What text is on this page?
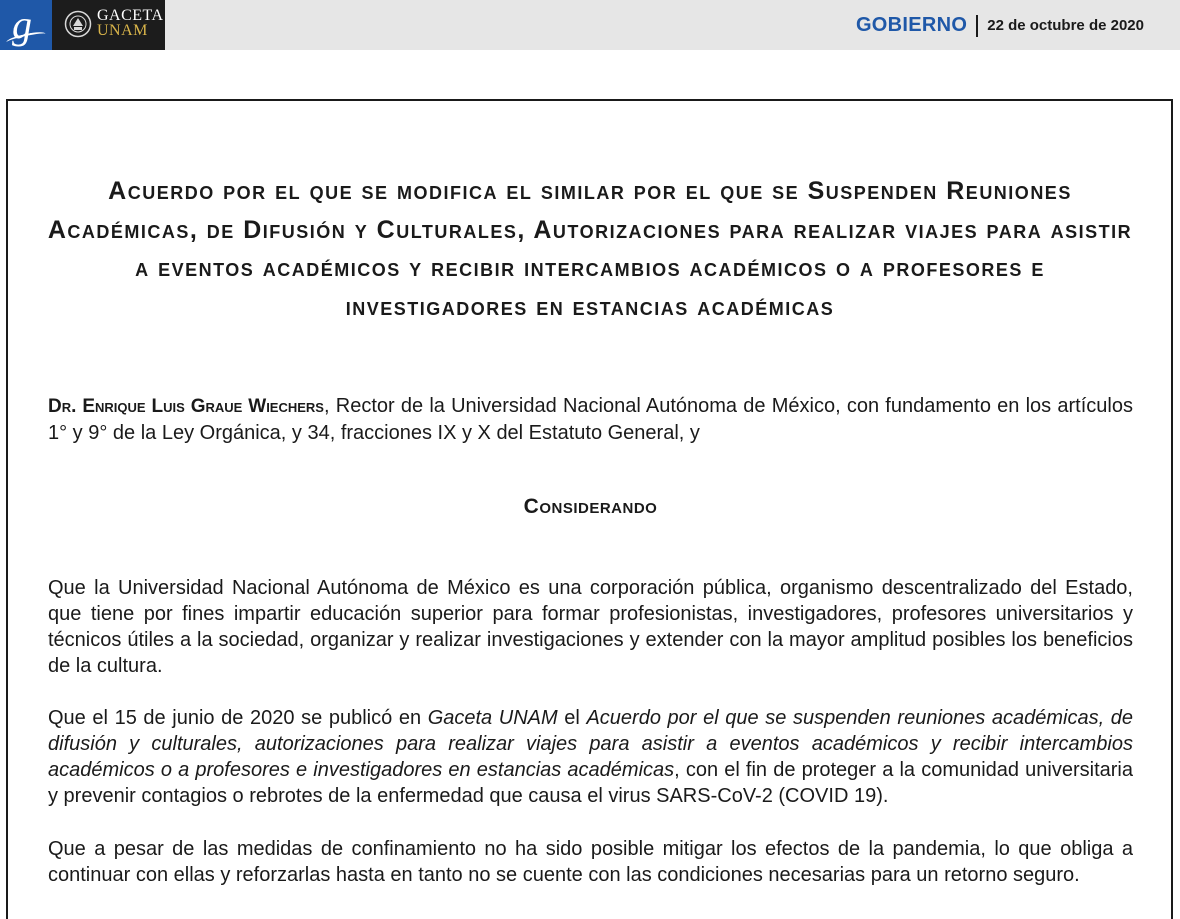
g	GACETA
UNAM	GOBIERNO 22 de octubre de 2020
Acuerdo por el que se modifica el similar por el que se Suspenden Reuniones Académicas, de Difusión y Culturales, Autorizaciones para realizar viajes para asistir a eventos académicos y recibir intercambios académicos o a profesores e investigadores en estancias académicas

Dr. Enrique Luis Graue Wiechers, Rector de la Universidad Nacional Autónoma de México, con fundamento en los artículos 1° y 9° de la Ley Orgánica, y 34, fracciones IX y X del Estatuto General, y

Considerando

Que la Universidad Nacional Autónoma de México es una corporación pública, organismo descentralizado del Estado, que tiene por fines impartir educación superior para formar profesionistas, investigadores, profesores universitarios y técnicos útiles a la sociedad, organizar y realizar investigaciones y extender con la mayor amplitud posibles los beneficios de la cultura.

Que el 15 de junio de 2020 se publicó en Gaceta UNAM el Acuerdo por el que se suspenden reuniones académicas, de difusión y culturales, autorizaciones para realizar viajes para asistir a eventos académicos y recibir intercambios académicos o a profesores e investigadores en estancias académicas, con el fin de proteger a la comunidad universitaria y prevenir contagios o rebrotes de la enfermedad que causa el virus SARS-CoV-2 (COVID 19).

Que a pesar de las medidas de confinamiento no ha sido posible mitigar los efectos de la pandemia, lo que obliga a continuar con ellas y reforzarlas hasta en tanto no se cuente con las condiciones necesarias para un retorno seguro.
